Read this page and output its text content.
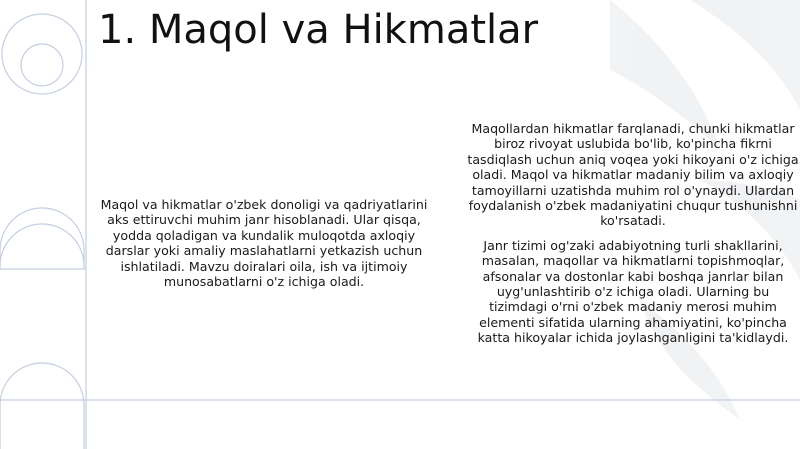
1. Maqol va Hikmatlar

Maqol va hikmatlar o'zbek donoligi va qadriyatlarini aks ettiruvchi muhim janr hisoblanadi. Ular qisqa, yodda qoladigan va kundalik muloqotda axloqiy darslar yoki amaliy maslahatlarni yetkazish uchun ishlatiladi. Mavzu doiralari oila, ish va ijtimoiy munosabatlarni o'z ichiga oladi.

Maqollardan hikmatlar farqlanadi, chunki hikmatlar biroz rivoyat uslubida bo'lib, ko'pincha fikrni tasdiqlash uchun aniq voqea yoki hikoyani o'z ichiga oladi. Maqol va hikmatlar madaniy bilim va axloqiy tamoyillarni uzatishda muhim rol o'ynaydi. Ulardan foydalanish o'zbek madaniyatini chuqur tushunishni ko'rsatadi.

Janr tizimi og'zaki adabiyotning turli shakllarini, masalan, maqollar va hikmatlarni topishmoqlar, afsonalar va dostonlar kabi boshqa janrlar bilan uyg'unlashtirib o'z ichiga oladi. Ularning bu tizimdagi o'rni o'zbek madaniy merosi muhim elementi sifatida ularning ahamiyatini, ko'pincha katta hikoyalar ichida joylashganligini ta'kidlaydi.
